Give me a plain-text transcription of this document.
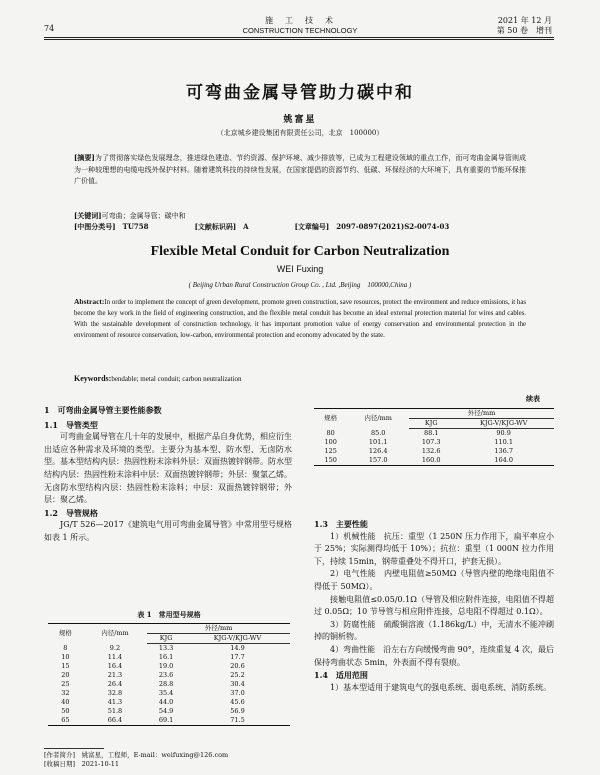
74
施　工　技　术
CONSTRUCTION TECHNOLOGY
2021 年 12 月
第 50 卷　增刊
可弯曲金属导管助力碳中和
姚富星
（北京城乡建设集团有限责任公司，北京　100000）
[摘要]为了贯彻落实绿色发展理念，推进绿色建造、节约资源、保护环境、减少排放等，已成为工程建设领域的重点工作，而可弯曲金属导管则成为一种较理想的电缆电线外保护材料。随着建筑科技的持续性发展，在国家提倡的资源节约、低碳、环保经济的大环境下，具有重要的节能环保推广价值。
[关键词]可弯曲；金属导管；碳中和
[中图分类号]　TU758	[文献标识码]　A	[文章编号]　2097-0897(2021)S2-0074-03
Flexible Metal Conduit for Carbon Neutralization
WEI Fuxing
( Beijing Urban Rural Construction Group Co. , Ltd. ,Beijing　100000,China )
Abstract:In order to implement the concept of green development, promote green construction, save resources, protect the environment and reduce emissions, it has become the key work in the field of engineering construction, and the flexible metal conduit has become an ideal external protection material for wires and cables. With the sustainable development of construction technology, it has important promotion value of energy conservation and environmental protection in the environment of resource conservation, low-carbon, environmental protection and economy advocated by the state.
Keywords:bendable; metal conduit; carbon neutralization
1　可弯曲金属导管主要性能参数
1.1　导管类型

可弯曲金属导管在几十年的发展中，根据产品自身优势，相应衍生出适应各种需求及环境的类型。主要分为基本型、防水型、无卤防水型。基本型结构内层：热固性粉末涂料外层：双面热镀锌钢带。防水型结构内层：热固性粉末涂料中层：双面热镀锌钢带；外层：聚氯乙烯。无卤防水型结构内层：热固性粉末涂料；中层：双面热镀锌钢带；外层：聚乙烯。

1.2　导管规格

JG/T 526—2017《建筑电气用可弯曲金属导管》中常用型号规格如表 1 所示。

表 1　常用型号规格
规格	内径/mm	外径/mm	
		KJG	KJG-V/KJG-WV
8	9.2	13.3	14.9
10	11.4	16.1	17.7
15	16.4	19.0	20.6
20	21.3	23.6	25.2
25	26.4	28.8	30.4
32	32.8	35.4	37.0
40	41.3	44.0	45.6
50	51.8	54.9	56.9
65	66.4	69.1	71.5
续表
规格	内径/mm	外径/mm	
		KJG	KJG-V/KJG-WV
80	85.0	88.1	90.9
100	101.1	107.3	110.1
125	126.4	132.6	136.7
150	157.0	160.0	164.0
1.3　主要性能

1）机械性能　抗压：重型（1 250N 压力作用下，扁平率应小于 25%；实际测得均低于 10%）；抗拉：重型（1 000N 拉力作用下，持续 15min，钢带重叠处不得开口，护套无损）。

2）电气性能　内壁电阻值≥50MΩ（导管内壁的绝缘电阻值不得低于 50MΩ）。

接触电阻值≤0.05/0.1Ω（导管及相应附件连接，电阻值不得超过 0.05Ω；10 节导管与相应附件连接，总电阻不得超过 0.1Ω）。

3）防腐性能　硫酸铜溶液（1.186kg/L）中，无清水不能冲刷掉的铜析物。

4）弯曲性能　沿左右方向缓慢弯曲 90°，连续重复 4 次，最后保持弯曲状态 5min，外表面不得有裂痕。

1.4　适用范围

1）基本型适用于建筑电气的强电系统、弱电系统、消防系统。

[作者简介]　姚富星，工程师，E-mail：weifuxing@126.com
[收稿日期]　2021-10-11
